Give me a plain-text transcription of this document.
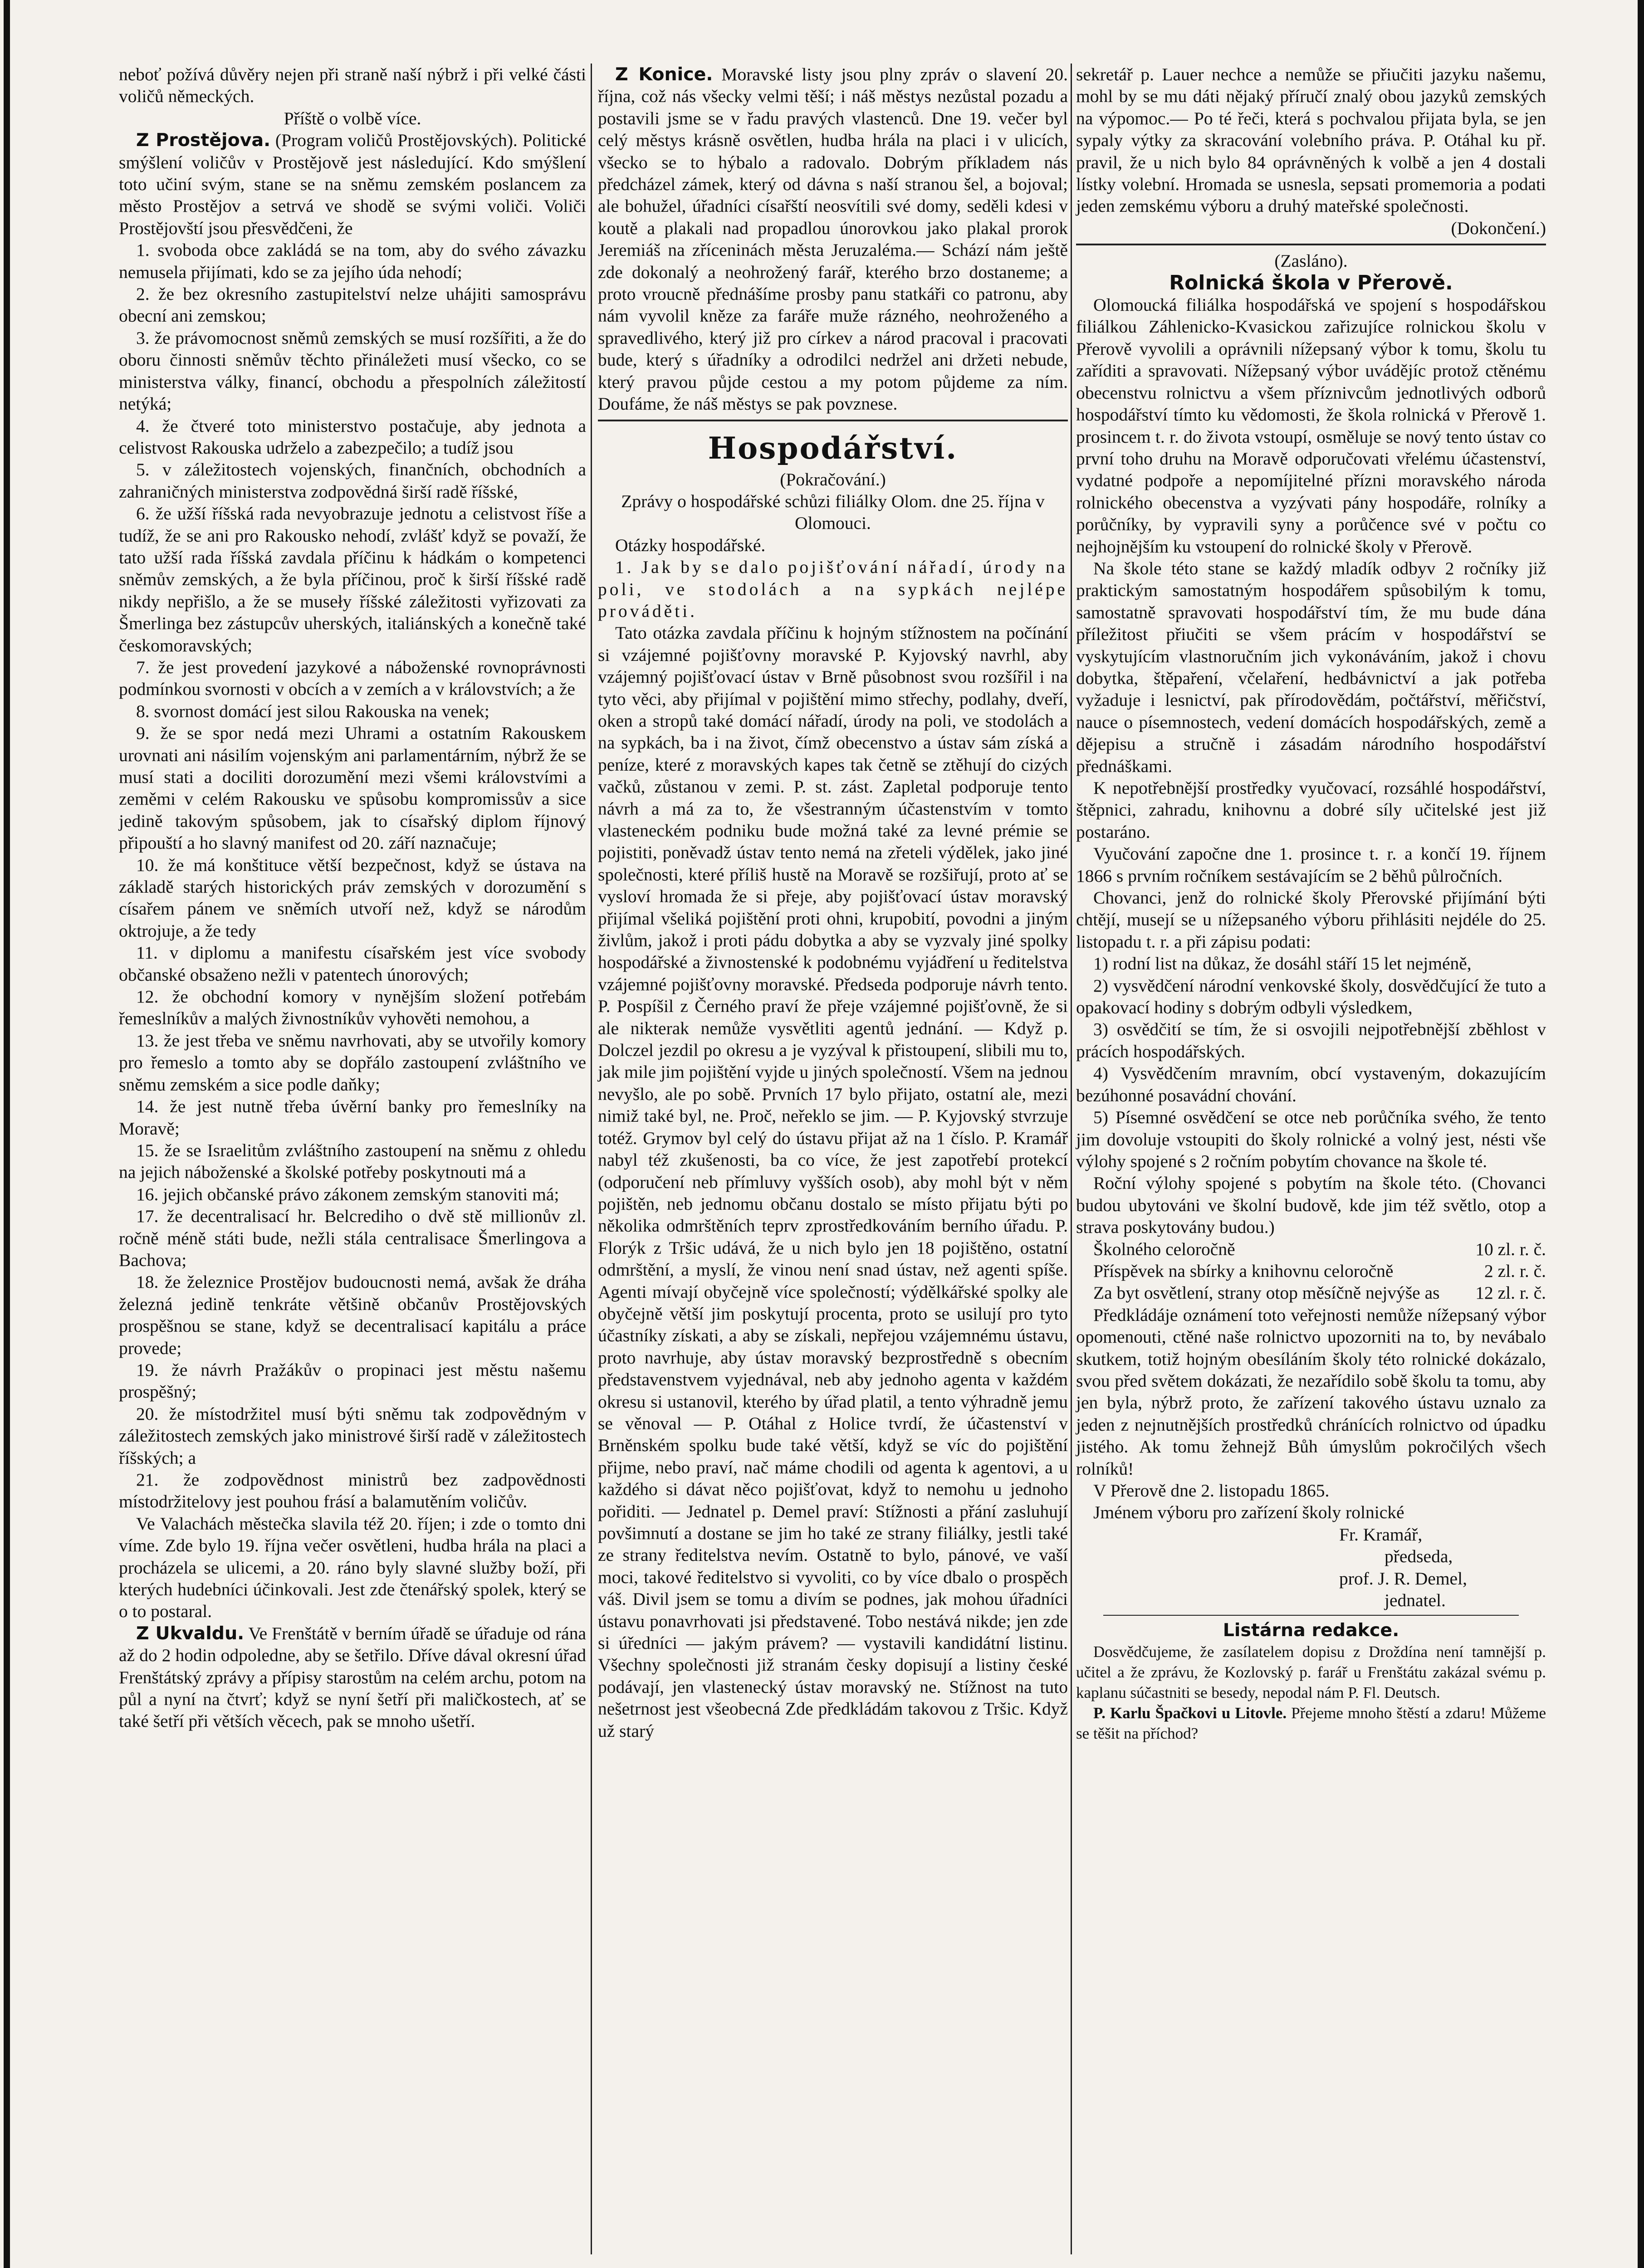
neboť požívá důvěry nejen při straně naší nýbrž i při velké části voličů německých.

Příště o volbě více.

Z Prostějova. (Program voličů Prostějovských). Politické smýšlení voličův v Prostějově jest následující. Kdo smýšlení toto učiní svým, stane se na sněmu zemském poslancem za město Prostějov a setrvá ve shodě se svými voliči. Voliči Prostějovští jsou přesvědčeni, že

1. svoboda obce zakládá se na tom, aby do svého závazku nemusela přijímati, kdo se za jejího úda nehodí;

2. že bez okresního zastupitelství nelze uhájiti samosprávu obecní ani zemskou;

3. že právomocnost sněmů zemských se musí rozšířiti, a že do oboru činnosti sněmův těchto přináležeti musí všecko, co se ministerstva války, financí, obchodu a přespolních záležitostí netýká;

4. že čtveré toto ministerstvo postačuje, aby jednota a celistvost Rakouska udrželo a zabezpečilo; a tudíž jsou

5. v záležitostech vojenských, finančních, obchodních a zahraničných ministerstva zodpovědná širší radě říšské,

6. že užší říšská rada nevyobrazuje jednotu a celistvost říše a tudíž, že se ani pro Rakousko nehodí, zvlášť když se považí, že tato užší rada říšská zavdala příčinu k hádkám o kompetenci sněmův zemských, a že byla příčinou, proč k širší říšské radě nikdy nepřišlo, a že se museły říšské záležitosti vyřizovati za Šmerlinga bez zástupcův uherských, italiánských a konečně také českomoravských;

7. že jest provedení jazykové a náboženské rovnoprávnosti podmínkou svornosti v obcích a v zemích a v královstvích; a že

8. svornost domácí jest silou Rakouska na venek;

9. že se spor nedá mezi Uhrami a ostatním Rakouskem urovnati ani násilím vojenským ani parlamentárním, nýbrž že se musí stati a dociliti dorozumění mezi všemi královstvími a zeměmi v celém Rakousku ve spůsobu kompromissův a sice jedině takovým spůsobem, jak to císařský diplom říjnový připouští a ho slavný manifest od 20. září naznačuje;

10. že má konštituce větší bezpečnost, když se ústava na základě starých historických práv zemských v dorozumění s císařem pánem ve sněmích utvoří než, když se národům oktrojuje, a že tedy

11. v diplomu a manifestu císařském jest více svobody občanské obsaženo nežli v patentech únorových;

12. že obchodní komory v nynějším složení potřebám řemeslníkův a malých živnostníkův vyhověti nemohou, a

13. že jest třeba ve sněmu navrhovati, aby se utvořily komory pro řemeslo a tomto aby se dopřálo zastoupení zvláštního ve sněmu zemském a sice podle daňky;

14. že jest nutně třeba úvěrní banky pro řemeslníky na Moravě;

15. že se Israelitům zvláštního zastoupení na sněmu z ohledu na jejich náboženské a školské potřeby poskytnouti má a

16. jejich občanské právo zákonem zemským stanoviti má;

17. že decentralisací hr. Belcrediho o dvě stě millionův zl. ročně méně státi bude, nežli stála centralisace Šmerlingova a Bachova;

18. že železnice Prostějov budoucnosti nemá, avšak že dráha železná jedině tenkráte většině občanův Prostějovských prospěšnou se stane, když se decentralisací kapitálu a práce provede;

19. že návrh Pražákův o propinaci jest městu našemu prospěšný;

20. že místodržitel musí býti sněmu tak zodpovědným v záležitostech zemských jako ministrové širší radě v záležitostech říšských; a

21. že zodpovědnost ministrů bez zadpovědnosti místodržitelovy jest pouhou frásí a balamutěním voličův.

Ve Valachách městečka slavila též 20. říjen; i zde o tomto dni víme. Zde bylo 19. října večer osvětleni, hudba hrála na placi a procházela se ulicemi, a 20. ráno byly slavné služby boží, při kterých hudebníci účinkovali. Jest zde čtenářský spolek, který se o to postaral.

Z Ukvaldu. Ve Frenštátě v berním úřadě se úřaduje od rána až do 2 hodin odpoledne, aby se šetřilo. Dříve dával okresní úřad Frenštátský zprávy a přípisy starostům na celém archu, potom na půl a nyní na čtvrť; když se nyní šetří při maličkostech, ať se také šetří při větších věcech, pak se mnoho ušetří.

Z Konice. Moravské listy jsou plny zpráv o slavení 20. října, což nás všecky velmi těší; i náš městys nezůstal pozadu a postavili jsme se v řadu pravých vlastenců. Dne 19. večer byl celý městys krásně osvětlen, hudba hrála na placi i v ulicích, všecko se to hýbalo a radovalo. Dobrým příkladem nás předcházel zámek, který od dávna s naší stranou šel, a bojoval; ale bohužel, úřadníci císařští neosvítili své domy, seděli kdesi v koutě a plakali nad propadlou únorovkou jako plakal prorok Jeremiáš na zříceninách města Jeruzaléma.— Schází nám ještě zde dokonalý a neohrožený farář, kterého brzo dostaneme; a proto vroucně přednášíme prosby panu statkáři co patronu, aby nám vyvolil kněze za faráře muže rázného, neohroženého a spravedlivého, který již pro církev a národ pracoval i pracovati bude, který s úřadníky a odrodilci nedržel ani držeti nebude, který pravou půjde cestou a my potom půjdeme za ním. Doufáme, že náš městys se pak povznese.

Hospodářství.

(Pokračování.)

Zprávy o hospodářské schůzi filiálky Olom. dne 25. října v Olomouci.

Otázky hospodářské.

1. Jak by se dalo pojišťování nářadí, úrody na poli, ve stodolách a na sypkách nejlépe prováděti.

Tato otázka zavdala příčinu k hojným stížnostem na počínání si vzájemné pojišťovny moravské P. Kyjovský navrhl, aby vzájemný pojišťovací ústav v Brně působnost svou rozšířil i na tyto věci, aby přijímal v pojištění mimo střechy, podlahy, dveří, oken a stropů také domácí nářadí, úrody na poli, ve stodolách a na sypkách, ba i na život, čímž obecenstvo a ústav sám získá a peníze, které z moravských kapes tak četně se ztěhují do cizých vačků, zůstanou v zemi. P. st. zást. Zapletal podporuje tento návrh a má za to, že všestranným účastenstvím v tomto vlasteneckém podniku bude možná také za levné prémie se pojistiti, poněvadž ústav tento nemá na zřeteli výdělek, jako jiné společnosti, které příliš hustě na Moravě se rozšiřují, proto ať se vysloví hromada že si přeje, aby pojišťovací ústav moravský přijímal všeliká pojištění proti ohni, krupobití, povodni a jiným živlům, jakož i proti pádu dobytka a aby se vyzvaly jiné spolky hospodářské a živnostenské k podobnému vyjádření u ředitelstva vzájemné pojišťovny moravské. Předseda podporuje návrh tento. P. Pospíšil z Černého praví že přeje vzájemné pojišťovně, že si ale nikterak nemůže vysvětliti agentů jednání. — Když p. Dolczel jezdil po okresu a je vyzýval k přistoupení, slibili mu to, jak mile jim pojištění vyjde u jiných společností. Všem na jednou nevyšlo, ale po sobě. Prvních 17 bylo přijato, ostatní ale, mezi nimiž také byl, ne. Proč, neřeklo se jim. — P. Kyjovský stvrzuje totéž. Grymov byl celý do ústavu přijat až na 1 číslo. P. Kramář nabyl též zkušenosti, ba co více, že jest zapotřebí protekcí (odporučení neb přímluvy vyšších osob), aby mohl být v něm pojištěn, neb jednomu občanu dostalo se místo přijatu býti po několika odmrštěních teprv zprostředkováním berního úřadu. P. Florýk z Tršic udává, že u nich bylo jen 18 pojištěno, ostatní odmrštění, a myslí, že vinou není snad ústav, než agenti spíše. Agenti mívají obyčejně více společností; výdělkářské spolky ale obyčejně větší jim poskytují procenta, proto se usilují pro tyto účastníky získati, a aby se získali, nepřejou vzájemnému ústavu, proto navrhuje, aby ústav moravský bezprostředně s obecním představenstvem vyjednával, neb aby jednoho agenta v každém okresu si ustanovil, kterého by úřad platil, a tento výhradně jemu se věnoval — P. Otáhal z Holice tvrdí, že účastenství v Brněnském spolku bude také větší, když se víc do pojištění přijme, nebo praví, nač máme chodili od agenta k agentovi, a u každého si dávat něco pojišťovat, když to nemohu u jednoho pořiditi. — Jednatel p. Demel praví: Stížnosti a přání zasluhují povšimnutí a dostane se jim ho také ze strany filiálky, jestli také ze strany ředitelstva nevím. Ostatně to bylo, pánové, ve vaší moci, takové ředitelstvo si vyvoliti, co by více dbalo o prospěch váš. Divil jsem se tomu a divím se podnes, jak mohou úřadníci ústavu ponavrhovati jsi představené. Tobo nestává nikde; jen zde si úředníci — jakým právem? — vystavili kandidátní listinu. Všechny společnosti již stranám česky dopisují a listiny české podávají, jen vlastenecký ústav moravský ne. Stížnost na tuto nešetrnost jest všeobecná Zde předkládám takovou z Tršic. Když už starý

sekretář p. Lauer nechce a nemůže se přiučiti jazyku našemu, mohl by se mu dáti nějaký příručí znalý obou jazyků zemských na výpomoc.— Po té řeči, která s pochvalou přijata byla, se jen sypaly výtky za skracování volebního práva. P. Otáhal ku př. pravil, že u nich bylo 84 oprávněných k volbě a jen 4 dostali lístky volební. Hromada se usnesla, sepsati promemoria a podati jeden zemskému výboru a druhý mateřské společnosti.

(Dokončení.)

(Zasláno).

Rolnická škola v Přerově.

Olomoucká filiálka hospodářská ve spojení s hospodářskou filiálkou Záhlenicko-Kvasickou zařizujíce rolnickou školu v Přerově vyvolili a oprávnili nížepsaný výbor k tomu, školu tu zaříditi a spravovati. Nížepsaný výbor uvádějíc protož ctěnému obecenstvu rolnictvu a všem příznivcům jednotlivých odborů hospodářství tímto ku vědomosti, že škola rolnická v Přerově 1. prosincem t. r. do života vstoupí, osměluje se nový tento ústav co první toho druhu na Moravě odporučovati vřelému účastenství, vydatné podpoře a nepomíjitelné přízni moravského národa rolnického obecenstva a vyzývati pány hospodáře, rolníky a porůčníky, by vypravili syny a porůčence své v počtu co nejhojnějším ku vstoupení do rolnické školy v Přerově.

Na škole této stane se každý mladík odbyv 2 ročníky již praktickým samostatným hospodářem spůsobilým k tomu, samostatně spravovati hospodářství tím, že mu bude dána příležitost přiučiti se všem prácím v hospodářství se vyskytujícím vlastnoručním jich vykonáváním, jakož i chovu dobytka, štěpaření, včelaření, hedbávnictví a jak potřeba vyžaduje i lesnictví, pak přírodovědám, počtářství, měřičství, nauce o písemnostech, vedení domácích hospodářských, země a dějepisu a stručně i zásadám národního hospodářství přednáškami.

K nepotřebnější prostředky vyučovací, rozsáhlé hospodářství, štěpnici, zahradu, knihovnu a dobré síly učitelské jest již postaráno.

Vyučování započne dne 1. prosince t. r. a končí 19. říjnem 1866 s prvním ročníkem sestávajícím se 2 běhů půlročních.

Chovanci, jenž do rolnické školy Přerovské přijímání býti chtějí, musejí se u nížepsaného výboru přihlásiti nejdéle do 25. listopadu t. r. a při zápisu podati:

1) rodní list na důkaz, že dosáhl stáří 15 let nejméně,

2) vysvědčení národní venkovské školy, dosvědčující že tuto a opakovací hodiny s dobrým odbyli výsledkem,

3) osvědčití se tím, že si osvojili nejpotřebnější zběhlost v prácích hospodářských.

4) Vysvědčením mravním, obcí vystaveným, dokazujícím bezúhonné posavádní chování.

5) Písemné osvědčení se otce neb porůčníka svého, že tento jim dovoluje vstoupiti do školy rolnické a volný jest, nésti vše výlohy spojené s 2 ročním pobytím chovance na škole té.

Roční výlohy spojené s pobytím na škole této. (Chovanci budou ubytováni ve školní budově, kde jim též světlo, otop a strava poskytovány budou.)

Školného celoročně	10 zl. r. č.
Příspěvek na sbírky a knihovnu celoročně	2 zl. r. č.
Za byt osvětlení, strany otop měsíčně nejvýše as 12 zl. r. č.

Předkládáje oznámení toto veřejnosti nemůže nížepsaný výbor opomenouti, ctěné naše rolnictvo upozorniti na to, by nevábalo skutkem, totiž hojným obesíláním školy této rolnické dokázalo, svou před světem dokázati, že nezařídilo sobě školu ta tomu, aby jen byla, nýbrž proto, že zařízení takového ústavu uznalo za jeden z nejnutnějších prostředků chránících rolnictvo od úpadku jistého. Ak tomu žehnejž Bůh úmyslům pokročilých všech rolníků!

V Přerově dne 2. listopadu 1865.

Jménem výboru pro zařízení školy rolnické

Fr. Kramář,

předseda,

prof. J. R. Demel,

jednatel.

Listárna redakce.

Dosvědčujeme, že zasílatelem dopisu z Droždína není tamnější p. učitel a že zprávu, že Kozlovský p. farář u Frenštátu zakázal svému p. kaplanu súčastniti se besedy, nepodal nám P. Fl. Deutsch.

P. Karlu Špačkovi u Litovle. Přejeme mnoho štěstí a zdaru! Můžeme se těšit na příchod?
